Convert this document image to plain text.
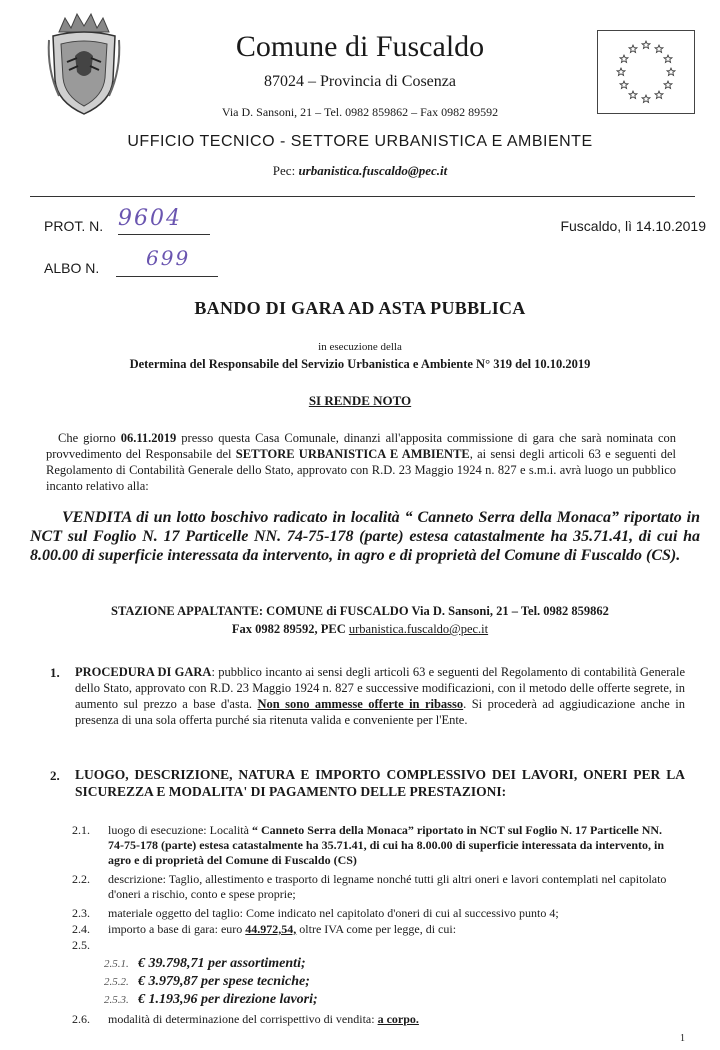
Comune di Fuscaldo
87024 – Provincia di Cosenza
Via D. Sansoni, 21 – Tel. 0982 859862 – Fax 0982 89592
UFFICIO TECNICO - SETTORE URBANISTICA E AMBIENTE
Pec: urbanistica.fuscaldo@pec.it
PROT. N. 9604
ALBO N. 699
Fuscaldo, lì 14.10.2019
BANDO DI GARA AD ASTA PUBBLICA
in esecuzione della
Determina del Responsabile del Servizio Urbanistica e Ambiente N° 319 del 10.10.2019
SI RENDE NOTO
Che giorno 06.11.2019 presso questa Casa Comunale, dinanzi all'apposita commissione di gara che sarà nominata con provvedimento del Responsabile del SETTORE URBANISTICA E AMBIENTE, ai sensi degli articoli 63 e seguenti del Regolamento di Contabilità Generale dello Stato, approvato con R.D. 23 Maggio 1924 n. 827 e s.m.i. avrà luogo un pubblico incanto relativo alla:
VENDITA di un lotto boschivo radicato in località “ Canneto Serra della Monaca” riportato in NCT sul Foglio N. 17 Particelle NN. 74-75-178 (parte) estesa catastalmente ha 35.71.41, di cui ha 8.00.00 di superficie interessata da intervento, in agro e di proprietà del Comune di Fuscaldo (CS).
STAZIONE APPALTANTE: COMUNE di FUSCALDO Via D. Sansoni, 21 – Tel. 0982 859862
Fax 0982 89592, PEC urbanistica.fuscaldo@pec.it
1. PROCEDURA DI GARA: pubblico incanto ai sensi degli articoli 63 e seguenti del Regolamento di contabilità Generale dello Stato, approvato con R.D. 23 Maggio 1924 n. 827 e successive modificazioni, con il metodo delle offerte segrete, in aumento sul prezzo a base d'asta. Non sono ammesse offerte in ribasso. Si procederà ad aggiudicazione anche in presenza di una sola offerta purché sia ritenuta valida e conveniente per l'Ente.
2. LUOGO, DESCRIZIONE, NATURA E IMPORTO COMPLESSIVO DEI LAVORI, ONERI PER LA SICUREZZA E MODALITA' DI PAGAMENTO DELLE PRESTAZIONI:
2.1.	luogo di esecuzione: Località “ Canneto Serra della Monaca” riportato in NCT sul Foglio N. 17 Particelle NN. 74-75-178 (parte) estesa catastalmente ha 35.71.41, di cui ha 8.00.00 di superficie interessata da intervento, in agro e di proprietà del Comune di Fuscaldo (CS)
2.2.	descrizione: Taglio, allestimento e trasporto di legname nonché tutti gli altri oneri e lavori contemplati nel capitolato d'oneri a rischio, conto e spese proprie;
2.3.	materiale oggetto del taglio: Come indicato nel capitolato d'oneri di cui al successivo punto 4;
2.4.	importo a base di gara: euro 44.972,54, oltre IVA come per legge, di cui:
2.5.
2.5.1. € 39.798,71 per assortimenti;
2.5.2. € 3.979,87 per spese tecniche;
2.5.3. € 1.193,96 per direzione lavori;
2.6.	modalità di determinazione del corrispettivo di vendita: a corpo.
1
